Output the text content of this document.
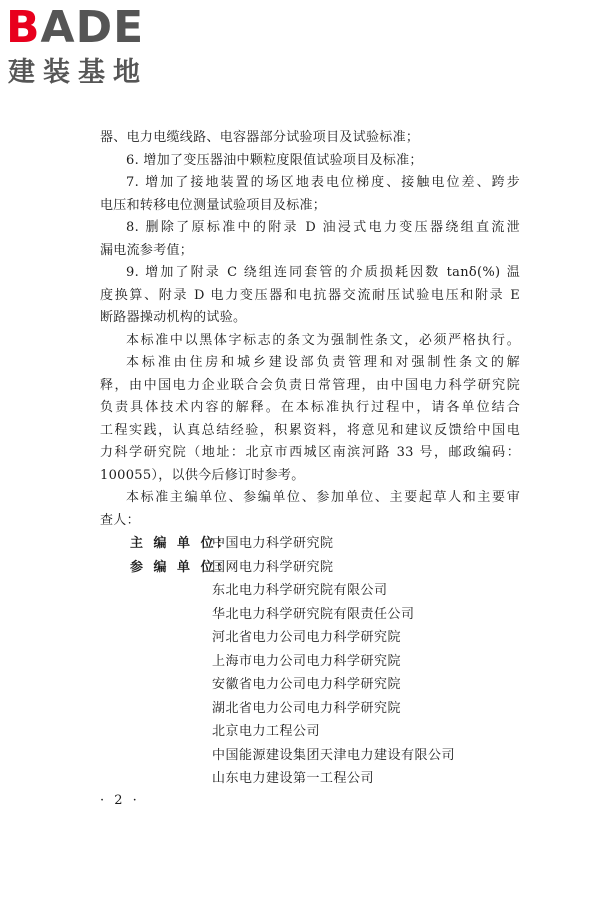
BADE
建装基地
器、电力电缆线路、电容器部分试验项目及试验标准；
6. 增加了变压器油中颗粒度限值试验项目及标准；
7. 增加了接地装置的场区地表电位梯度、接触电位差、跨步
电压和转移电位测量试验项目及标准；
8. 删除了原标准中的附录 D 油浸式电力变压器绕组直流泄
漏电流参考值；
9. 增加了附录 C 绕组连同套管的介质损耗因数 tanδ(%) 温
度换算、附录 D 电力变压器和电抗器交流耐压试验电压和附录 E
断路器操动机构的试验。
本标准中以黑体字标志的条文为强制性条文，必须严格执行。
本标准由住房和城乡建设部负责管理和对强制性条文的解
释，由中国电力企业联合会负责日常管理，由中国电力科学研究院
负责具体技术内容的解释。在本标准执行过程中，请各单位结合
工程实践，认真总结经验，积累资料，将意见和建议反馈给中国电
力科学研究院（地址：北京市西城区南滨河路 33 号，邮政编码：
100055），以供今后修订时参考。
本标准主编单位、参编单位、参加单位、主要起草人和主要审
查人：
主 编 单 位：
中国电力科学研究院
参 编 单 位：
国网电力科学研究院
东北电力科学研究院有限公司
华北电力科学研究院有限责任公司
河北省电力公司电力科学研究院
上海市电力公司电力科学研究院
安徽省电力公司电力科学研究院
湖北省电力公司电力科学研究院
北京电力工程公司
中国能源建设集团天津电力建设有限公司
山东电力建设第一工程公司
· 2 ·
